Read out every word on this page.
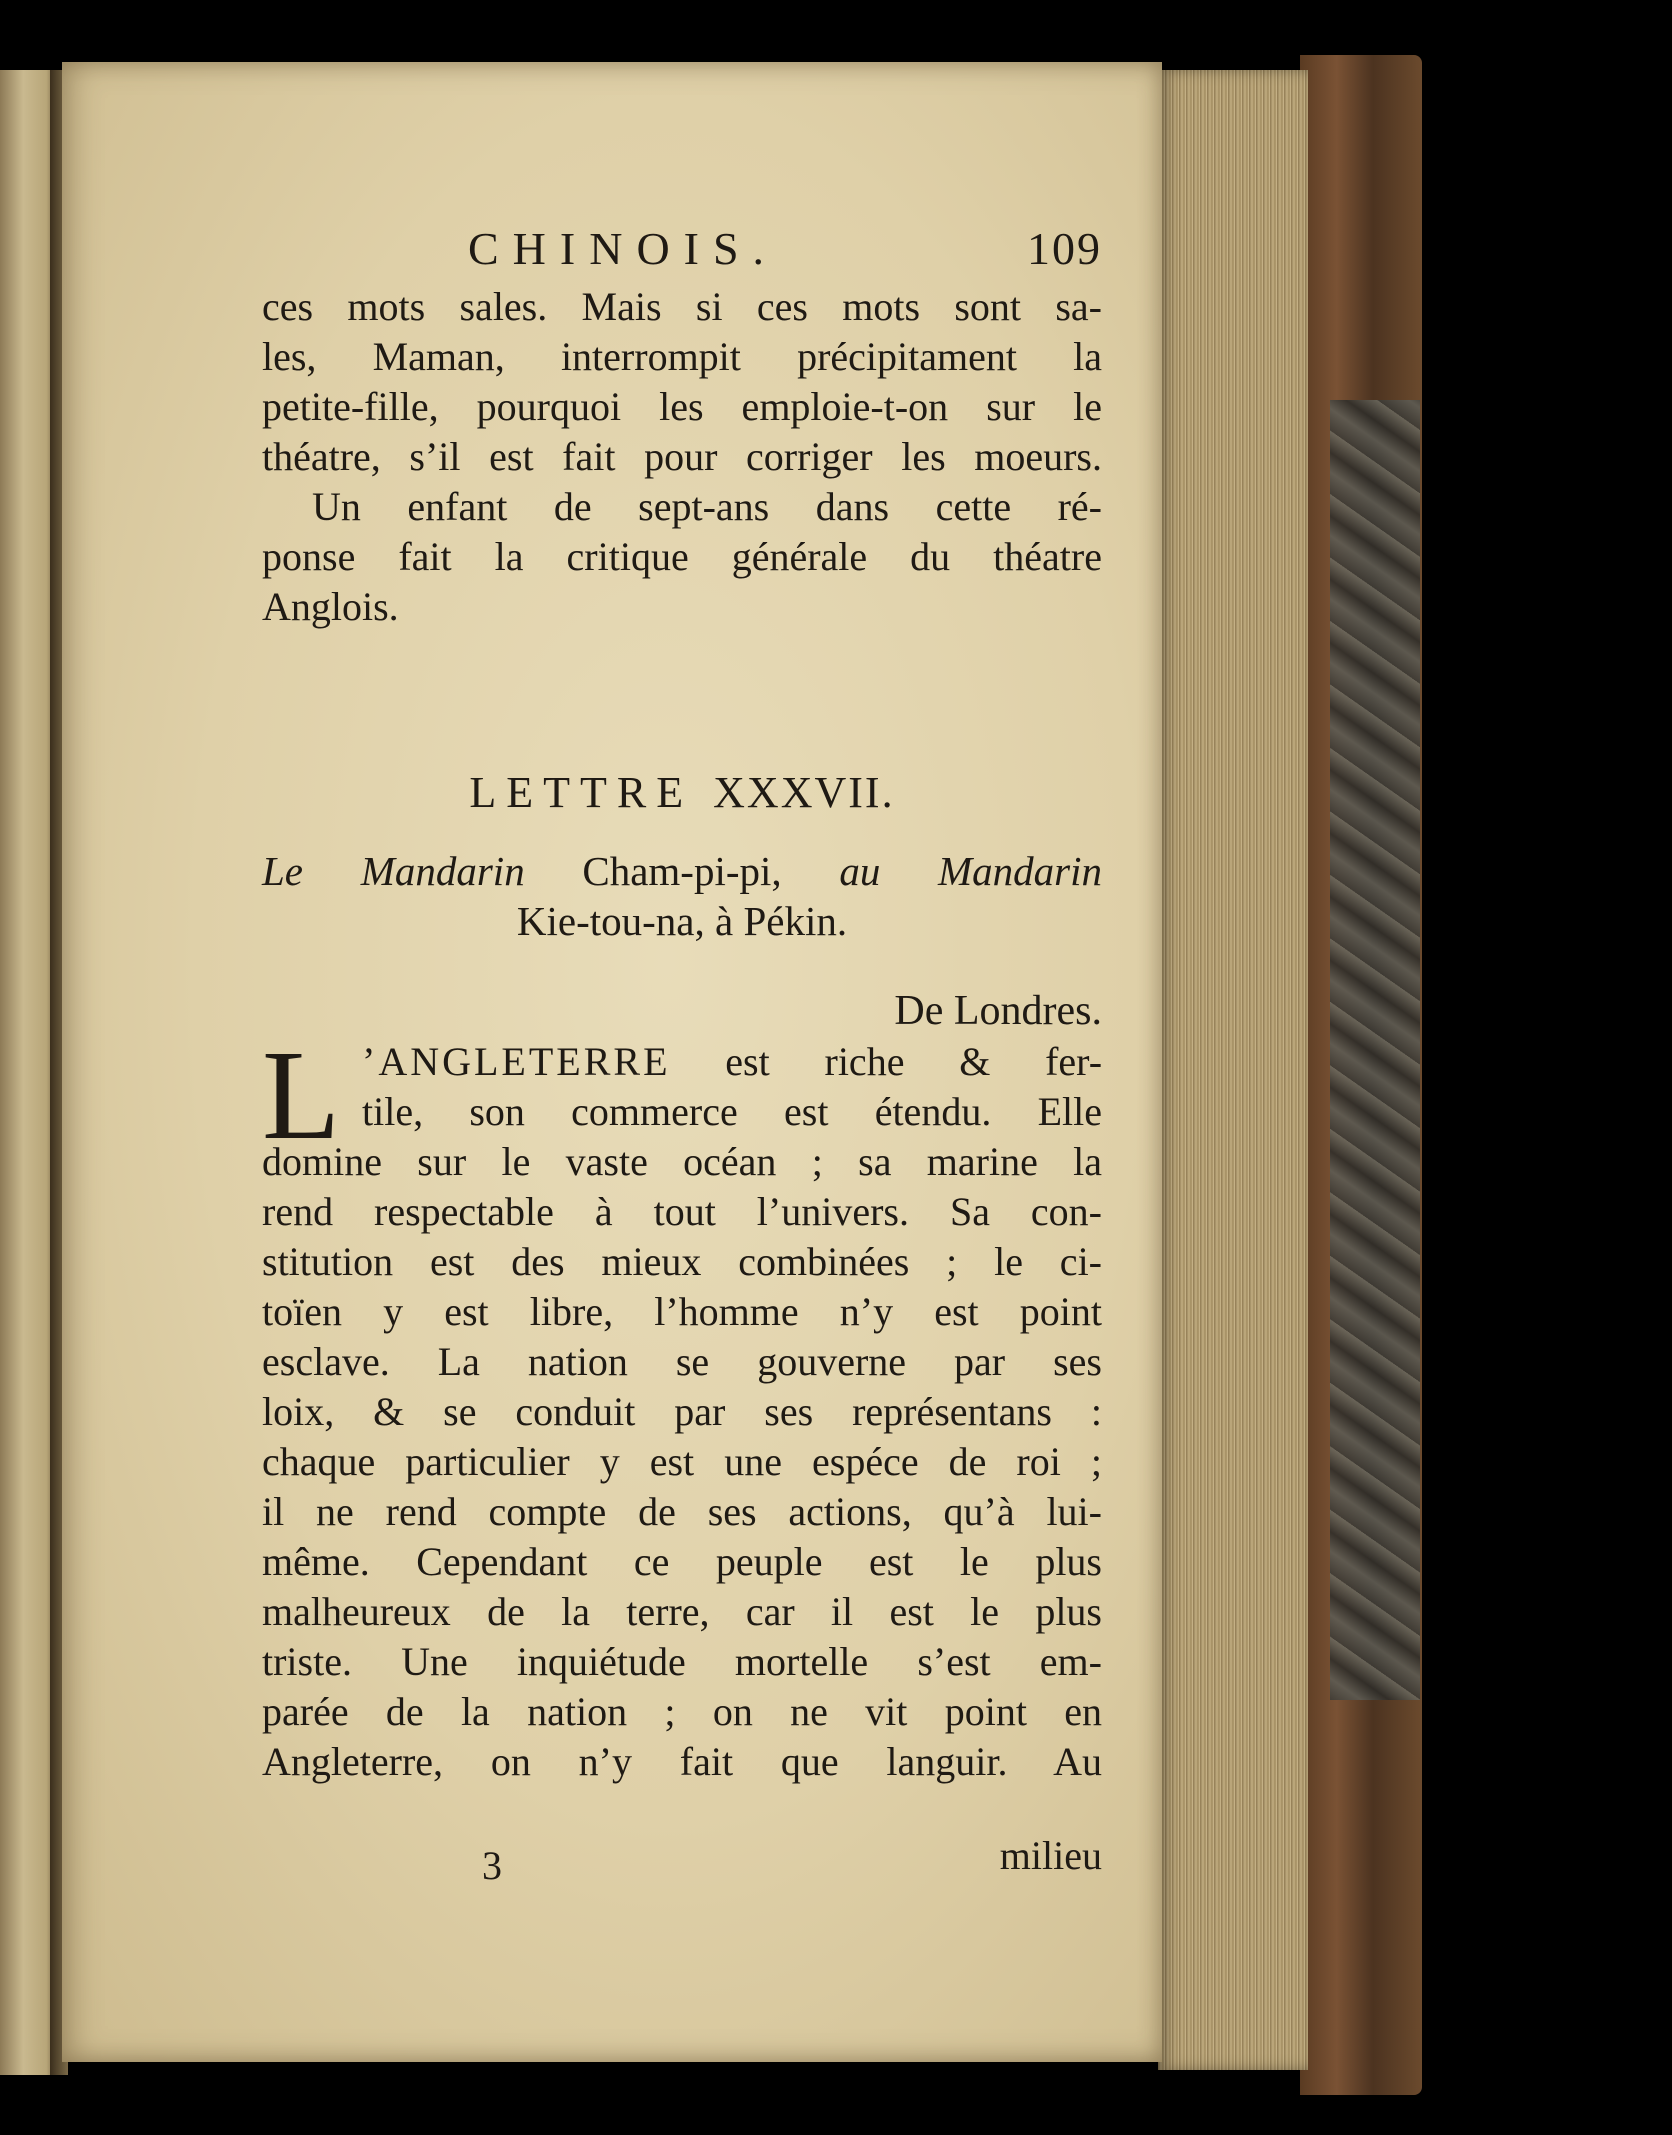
CHINOIS.	109
ces mots sales. Mais si ces mots sont sa-
les, Maman, interrompit précipitament la
petite-fille, pourquoi les emploie-t-on sur le
théatre, s’il est fait pour corriger les moeurs.
Un enfant de sept-ans dans cette ré-
ponse fait la critique générale du théatre
Anglois.
LETTRE XXXVII.
Le Mandarin Cham-pi-pi, au Mandarin
Kie-tou-na, à Pékin.
De Londres.
L ’ANGLETERRE est riche & fer-
tile, son commerce est étendu. Elle
domine sur le vaste océan ; sa marine la
rend respectable à tout l’univers. Sa con-
stitution est des mieux combinées ; le ci-
toïen y est libre, l’homme n’y est point
esclave. La nation se gouverne par ses
loix, & se conduit par ses représentans :
chaque particulier y est une espéce de roi ;
il ne rend compte de ses actions, qu’à lui-
même. Cependant ce peuple est le plus
malheureux de la terre, car il est le plus
triste. Une inquiétude mortelle s’est em-
parée de la nation ; on ne vit point en
Angleterre, on n’y fait que languir. Au
3	milieu
